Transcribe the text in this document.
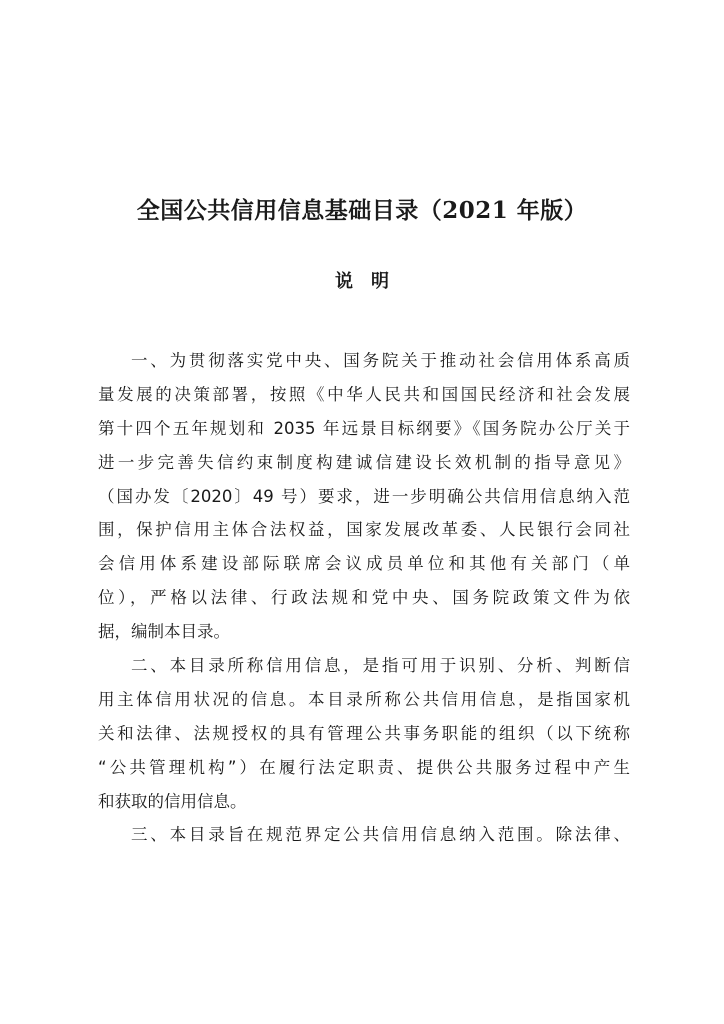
全国公共信用信息基础目录（2021 年版）
说明
一、为贯彻落实党中央、国务院关于推动社会信用体系高质
量发展的决策部署，按照《中华人民共和国国民经济和社会发展
第十四个五年规划和 2035 年远景目标纲要》《国务院办公厅关于
进一步完善失信约束制度构建诚信建设长效机制的指导意见》
（国办发〔2020〕49 号）要求，进一步明确公共信用信息纳入范
围，保护信用主体合法权益，国家发展改革委、人民银行会同社
会信用体系建设部际联席会议成员单位和其他有关部门（单
位），严格以法律、行政法规和党中央、国务院政策文件为依
据，编制本目录。
二、本目录所称信用信息，是指可用于识别、分析、判断信
用主体信用状况的信息。本目录所称公共信用信息，是指国家机
关和法律、法规授权的具有管理公共事务职能的组织（以下统称
“公共管理机构”）在履行法定职责、提供公共服务过程中产生
和获取的信用信息。
三、本目录旨在规范界定公共信用信息纳入范围。除法律、
